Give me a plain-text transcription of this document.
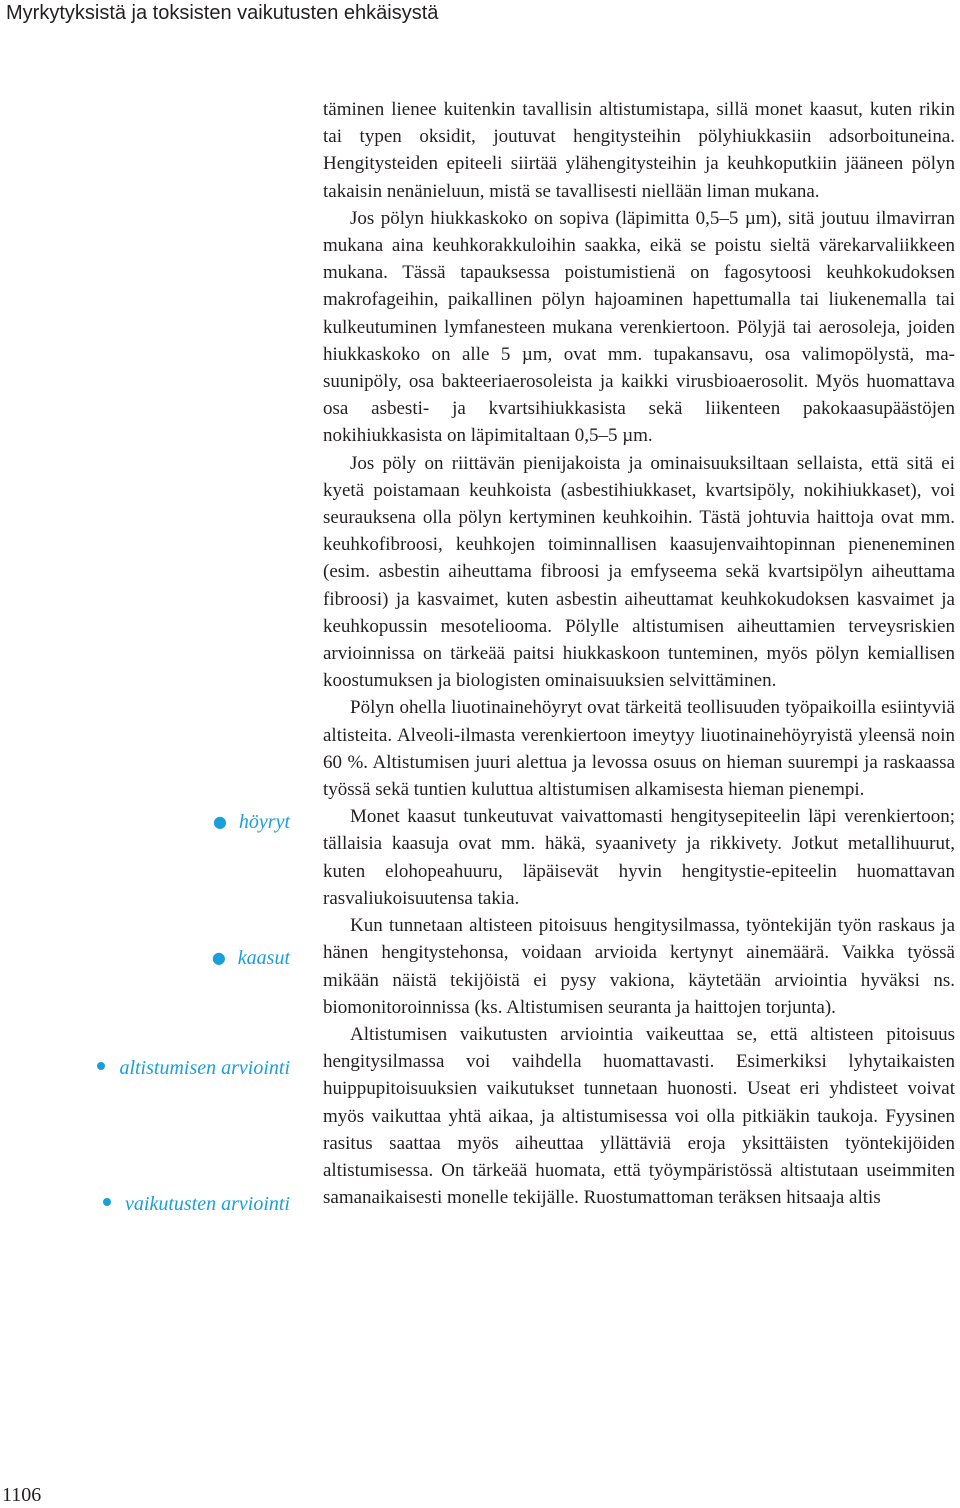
Myrkytyksistä ja toksisten vaikutusten ehkäisystä

täminen lienee kuitenkin tavallisin altistumistapa, sillä monet kaasut, kuten rikin tai typen oksidit, joutuvat hengitysteihin pölyhiukkasiin adsorboituneina. Hengitysteiden epiteeli siirtää ylähengitysteihin ja keuhkoputkiin jääneen pölyn takaisin nenänieluun, mistä se tavallisesti niellään liman mukana.

Jos pölyn hiukkaskoko on sopiva (läpimitta 0,5–5 µm), sitä joutuu ilmavirran mukana aina keuhkorakkuloihin saakka, eikä se poistu sieltä värekarvaliikkeen mukana. Tässä tapauksessa poistumistienä on fagosytoosi keuhkokudoksen makrofageihin, paikallinen pölyn hajoaminen hapettumalla tai liukenemalla tai kulkeutuminen lymfanesteen mukana verenkiertoon. Pölyjä tai aerosoleja, joiden hiukkaskoko on alle 5 µm, ovat mm. tupakansavu, osa valimopölystä, masuunipöly, osa bakteeriaerosoleista ja kaikki virusbioaerosolit. Myös huomattava osa asbesti- ja kvartsihiukkasista sekä liikenteen pakokaasupäästöjen nokihiukkasista on läpimitaltaan 0,5–5 µm.

Jos pöly on riittävän pienijakoista ja ominaisuuksiltaan sellaista, että sitä ei kyetä poistamaan keuhkoista (asbestihiukkaset, kvartsipöly, nokihiukkaset), voi seurauksena olla pölyn kertyminen keuhkoihin. Tästä johtuvia haittoja ovat mm. keuhkofibroosi, keuhkojen toiminnallisen kaasujenvaihtopinnan pieneneminen (esim. asbestin aiheuttama fibroosi ja emfyseema sekä kvartsipölyn aiheuttama fibroosi) ja kasvaimet, kuten asbestin aiheuttamat keuhkokudoksen kasvaimet ja keuhkopussin mesoteliooma. Pölylle altistumisen aiheuttamien terveysriskien arvioinnissa on tärkeää paitsi hiukkaskoon tunteminen, myös pölyn kemiallisen koostumuksen ja biologisten ominaisuuksien selvittäminen.

Pölyn ohella liuotinainehöyryt ovat tärkeitä teollisuuden työpaikoilla esiintyviä altisteita. Alveoli-ilmasta verenkiertoon imeytyy liuotinainehöyryistä yleensä noin 60 %. Altistumisen juuri alettua ja levossa osuus on hieman suurempi ja raskaassa työssä sekä tuntien kuluttua altistumisen alkamisesta hieman pienempi.

Monet kaasut tunkeutuvat vaivattomasti hengitysepiteelin läpi verenkiertoon; tällaisia kaasuja ovat mm. häkä, syaanivety ja rikkivety. Jotkut metallihuurut, kuten elohopeahuuru, läpäisevät hyvin hengitystie-epiteelin huomattavan rasvaliukoisuutensa takia.

Kun tunnetaan altisteen pitoisuus hengitysilmassa, työntekijän työn raskaus ja hänen hengitystehonsa, voidaan arvioida kertynyt ainemäärä. Vaikka työssä mikään näistä tekijöistä ei pysy vakiona, käytetään arviointia hyväksi ns. biomonitoroinnissa (ks. Altistumisen seuranta ja haittojen torjunta).

Altistumisen vaikutusten arviointia vaikeuttaa se, että altisteen pitoisuus hengitysilmassa voi vaihdella huomattavasti. Esimerkiksi lyhytaikaisten huippupitoisuuksien vaikutukset tunnetaan huonosti. Useat eri yhdisteet voivat myös vaikuttaa yhtä aikaa, ja altistumisessa voi olla pitkiäkin taukoja. Fyysinen rasitus saattaa myös aiheuttaa yllättäviä eroja yksittäisten työntekijöiden altistumisessa. On tärkeää huomata, että työympäristössä altistutaan useimmiten samanaikaisesti monelle tekijälle. Ruostumattoman teräksen hitsaaja altis

● höyryt
● kaasut
altistumisen arviointi
vaikutusten arviointi
1106
